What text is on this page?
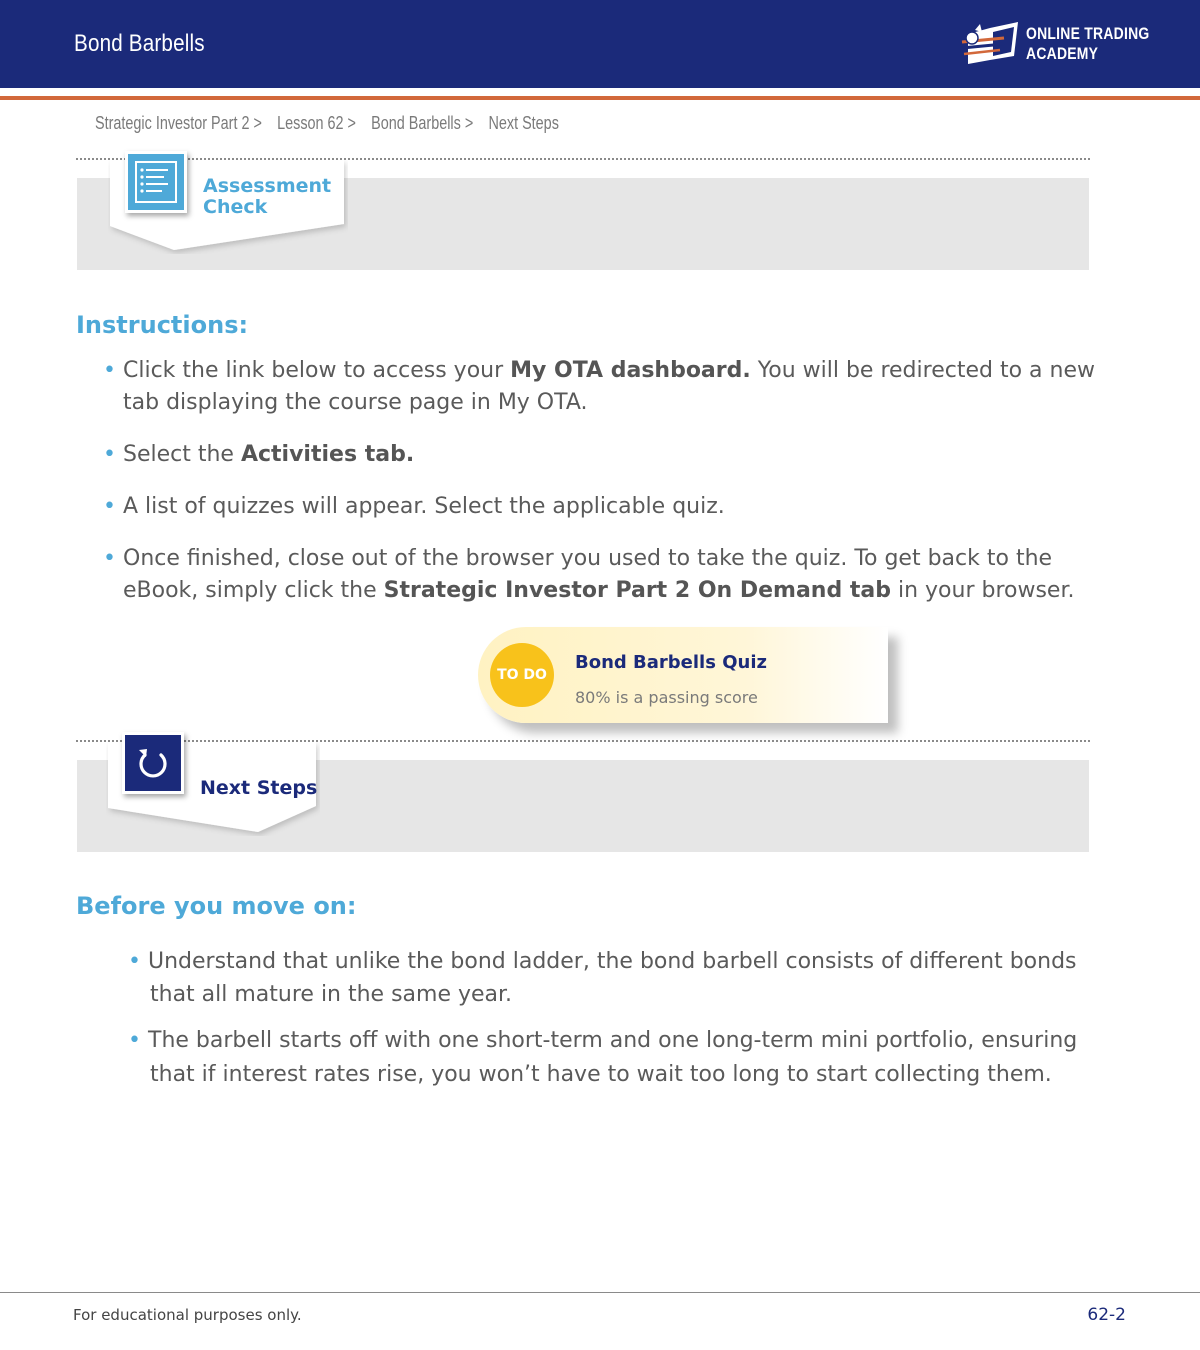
Bond Barbells	ONLINE TRADING
ACADEMY
Strategic Investor Part 2 > Lesson 62 > Bond Barbells > Next Steps
Assessment
Check
Instructions:
• Click the link below to access your My OTA dashboard. You will be redirected to a new
tab displaying the course page in My OTA.
• Select the Activities tab.
• A list of quizzes will appear. Select the applicable quiz.
• Once finished, close out of the browser you used to take the quiz. To get back to the
eBook, simply click the Strategic Investor Part 2 On Demand tab in your browser.
TO DO
Bond Barbells Quiz
80% is a passing score
Next Steps
Before you move on:
• Understand that unlike the bond ladder, the bond barbell consists of different bonds
that all mature in the same year.
• The barbell starts off with one short-term and one long-term mini portfolio, ensuring
that if interest rates rise, you won’t have to wait too long to start collecting them.
For educational purposes only.	62-2
